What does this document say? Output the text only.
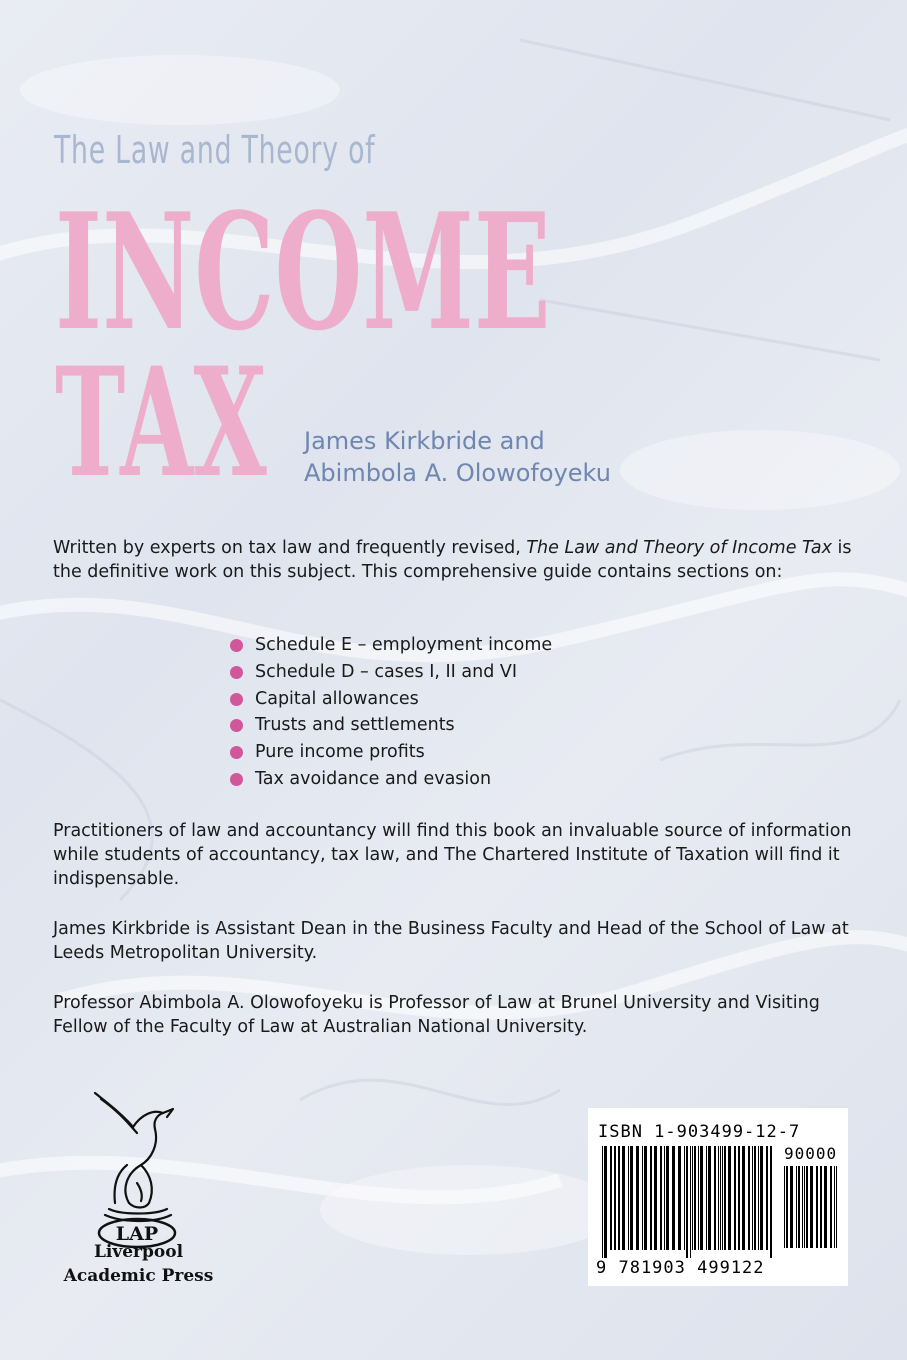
The Law and Theory of
INCOME
TAX James Kirkbride and
Abimbola A. Olowofoyeku
Written by experts on tax law and frequently revised, The Law and Theory of Income Tax is the definitive work on this subject. This comprehensive guide contains sections on:
Schedule E – employment income
Schedule D – cases I, II and VI
Capital allowances
Trusts and settlements
Pure income profits
Tax avoidance and evasion
Practitioners of law and accountancy will find this book an invaluable source of information while students of accountancy, tax law, and The Chartered Institute of Taxation will find it indispensable.
James Kirkbride is Assistant Dean in the Business Faculty and Head of the School of Law at Leeds Metropolitan University.
Professor Abimbola A. Olowofoyeku is Professor of Law at Brunel University and Visiting Fellow of the Faculty of Law at Australian National University.
LAP
Liverpool
Academic Press
ISBN 1-903499-12-7
90000
9 781903 499122
